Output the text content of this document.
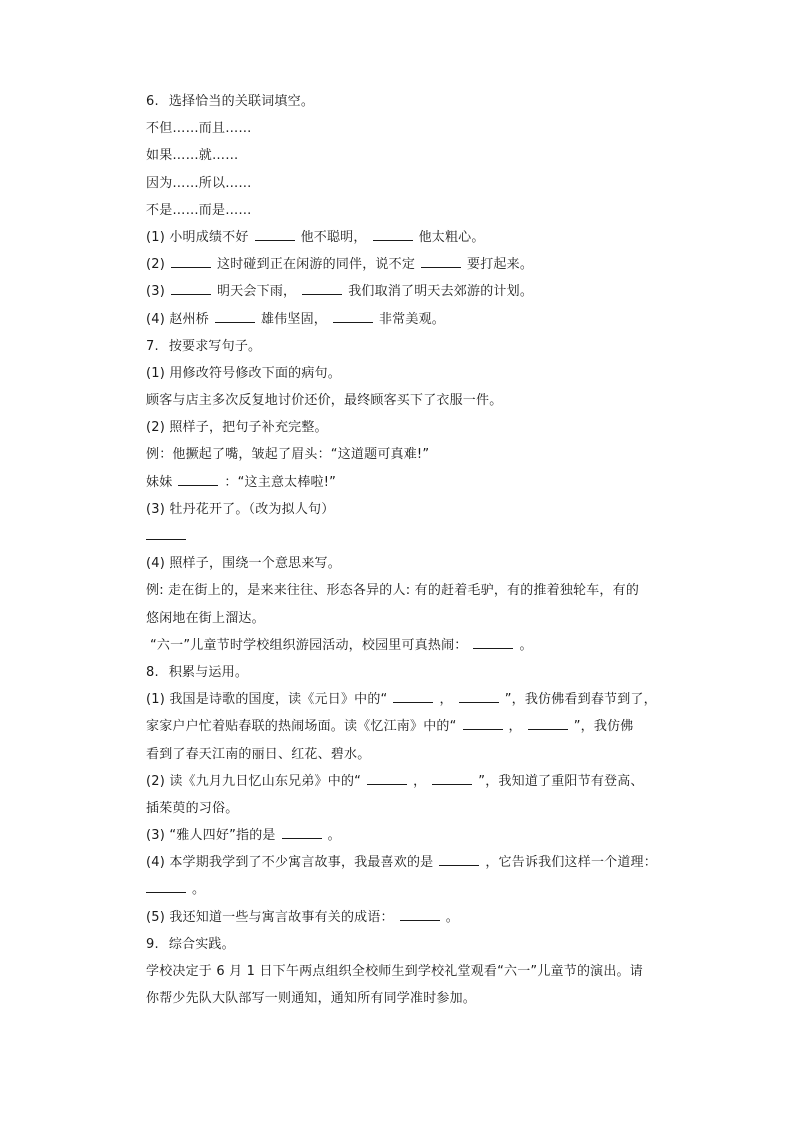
6. 选择恰当的关联词填空。
不但……而且……
如果……就……
因为……所以……
不是……而是……
(1) 小明成绩不好	他不聪明，	他太粗心。
(2)	这时碰到正在闲游的同伴，说不定	要打起来。
(3)	明天会下雨，	我们取消了明天去郊游的计划。
(4) 赵州桥	雄伟坚固，	非常美观。
7. 按要求写句子。
(1) 用修改符号修改下面的病句。
顾客与店主多次反复地讨价还价，最终顾客买下了衣服一件。
(2) 照样子，把句子补充完整。
例：他撅起了嘴，皱起了眉头：“这道题可真难!”
妹妹	：“这主意太棒啦!”
(3) 牡丹花开了。（改为拟人句）
(4) 照样子，围绕一个意思来写。
例: 走在街上的，是来来往往、形态各异的人: 有的赶着毛驴，有的推着独轮车，有的
悠闲地在街上溜达。
“六一”儿童节时学校组织游园活动，校园里可真热闹：	。
8. 积累与运用。
(1) 我国是诗歌的国度，读《元日》中的“	，	”，我仿佛看到春节到了，
家家户户忙着贴春联的热闹场面。读《忆江南》中的“	，	”，我仿佛
看到了春天江南的丽日、红花、碧水。
(2) 读《九月九日忆山东兄弟》中的“	，	”，我知道了重阳节有登高、
插茱萸的习俗。
(3) “雅人四好”指的是	。
(4) 本学期我学到了不少寓言故事，我最喜欢的是	，它告诉我们这样一个道理：
。
(5) 我还知道一些与寓言故事有关的成语：	。
9. 综合实践。
学校决定于 6 月 1 日下午两点组织全校师生到学校礼堂观看“六一”儿童节的演出。请
你帮少先队大队部写一则通知，通知所有同学准时参加。
